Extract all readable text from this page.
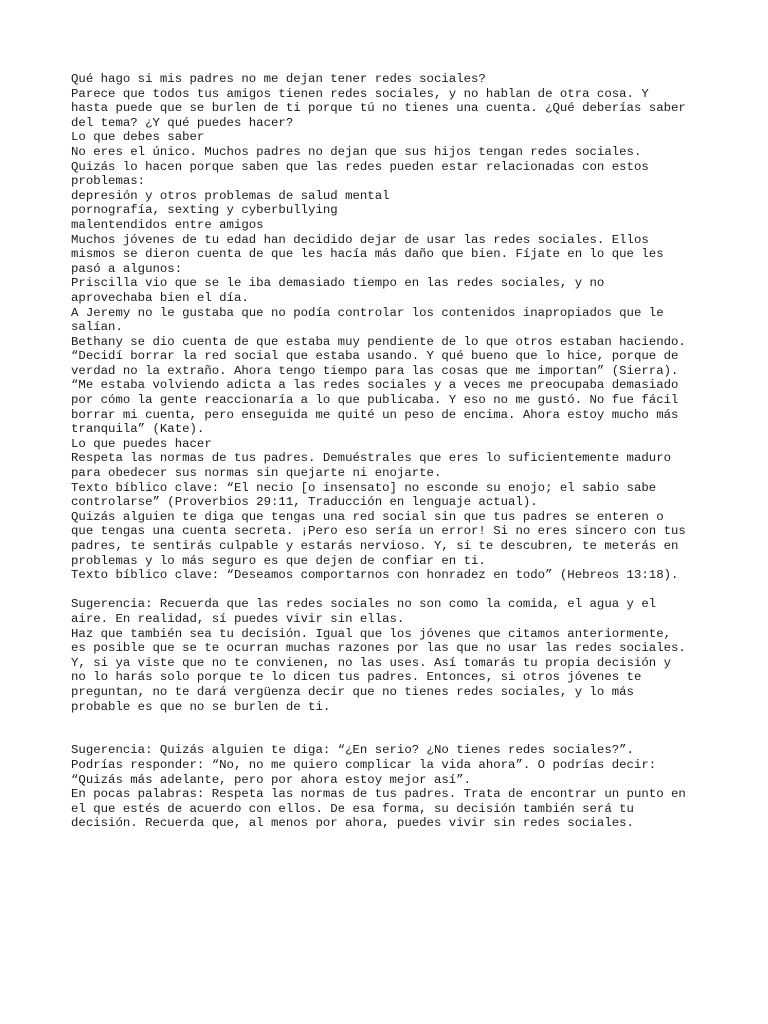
Qué hago si mis padres no me dejan tener redes sociales?
Parece que todos tus amigos tienen redes sociales, y no hablan de otra cosa. Y
hasta puede que se burlen de ti porque tú no tienes una cuenta. ¿Qué deberías saber
del tema? ¿Y qué puedes hacer?
Lo que debes saber
No eres el único. Muchos padres no dejan que sus hijos tengan redes sociales.
Quizás lo hacen porque saben que las redes pueden estar relacionadas con estos
problemas:
depresión y otros problemas de salud mental
pornografía, sexting y cyberbullying
malentendidos entre amigos
Muchos jóvenes de tu edad han decidido dejar de usar las redes sociales. Ellos
mismos se dieron cuenta de que les hacía más daño que bien. Fíjate en lo que les
pasó a algunos:
Priscilla vio que se le iba demasiado tiempo en las redes sociales, y no
aprovechaba bien el día.
A Jeremy no le gustaba que no podía controlar los contenidos inapropiados que le
salían.
Bethany se dio cuenta de que estaba muy pendiente de lo que otros estaban haciendo.
“Decidí borrar la red social que estaba usando. Y qué bueno que lo hice, porque de
verdad no la extraño. Ahora tengo tiempo para las cosas que me importan” (Sierra).
“Me estaba volviendo adicta a las redes sociales y a veces me preocupaba demasiado
por cómo la gente reaccionaría a lo que publicaba. Y eso no me gustó. No fue fácil
borrar mi cuenta, pero enseguida me quité un peso de encima. Ahora estoy mucho más
tranquila” (Kate).
Lo que puedes hacer
Respeta las normas de tus padres. Demuéstrales que eres lo suficientemente maduro
para obedecer sus normas sin quejarte ni enojarte.
Texto bíblico clave: “El necio [o insensato] no esconde su enojo; el sabio sabe
controlarse” (Proverbios 29:11, Traducción en lenguaje actual).
Quizás alguien te diga que tengas una red social sin que tus padres se enteren o
que tengas una cuenta secreta. ¡Pero eso sería un error! Si no eres sincero con tus
padres, te sentirás culpable y estarás nervioso. Y, si te descubren, te meterás en
problemas y lo más seguro es que dejen de confiar en ti.
Texto bíblico clave: “Deseamos comportarnos con honradez en todo” (Hebreos 13:18).
Sugerencia: Recuerda que las redes sociales no son como la comida, el agua y el
aire. En realidad, sí puedes vivir sin ellas.
Haz que también sea tu decisión. Igual que los jóvenes que citamos anteriormente,
es posible que se te ocurran muchas razones por las que no usar las redes sociales.
Y, si ya viste que no te convienen, no las uses. Así tomarás tu propia decisión y
no lo harás solo porque te lo dicen tus padres. Entonces, si otros jóvenes te
preguntan, no te dará vergüenza decir que no tienes redes sociales, y lo más
probable es que no se burlen de ti.
Sugerencia: Quizás alguien te diga: “¿En serio? ¿No tienes redes sociales?”.
Podrías responder: “No, no me quiero complicar la vida ahora”. O podrías decir:
“Quizás más adelante, pero por ahora estoy mejor así”.
En pocas palabras: Respeta las normas de tus padres. Trata de encontrar un punto en
el que estés de acuerdo con ellos. De esa forma, su decisión también será tu
decisión. Recuerda que, al menos por ahora, puedes vivir sin redes sociales.
